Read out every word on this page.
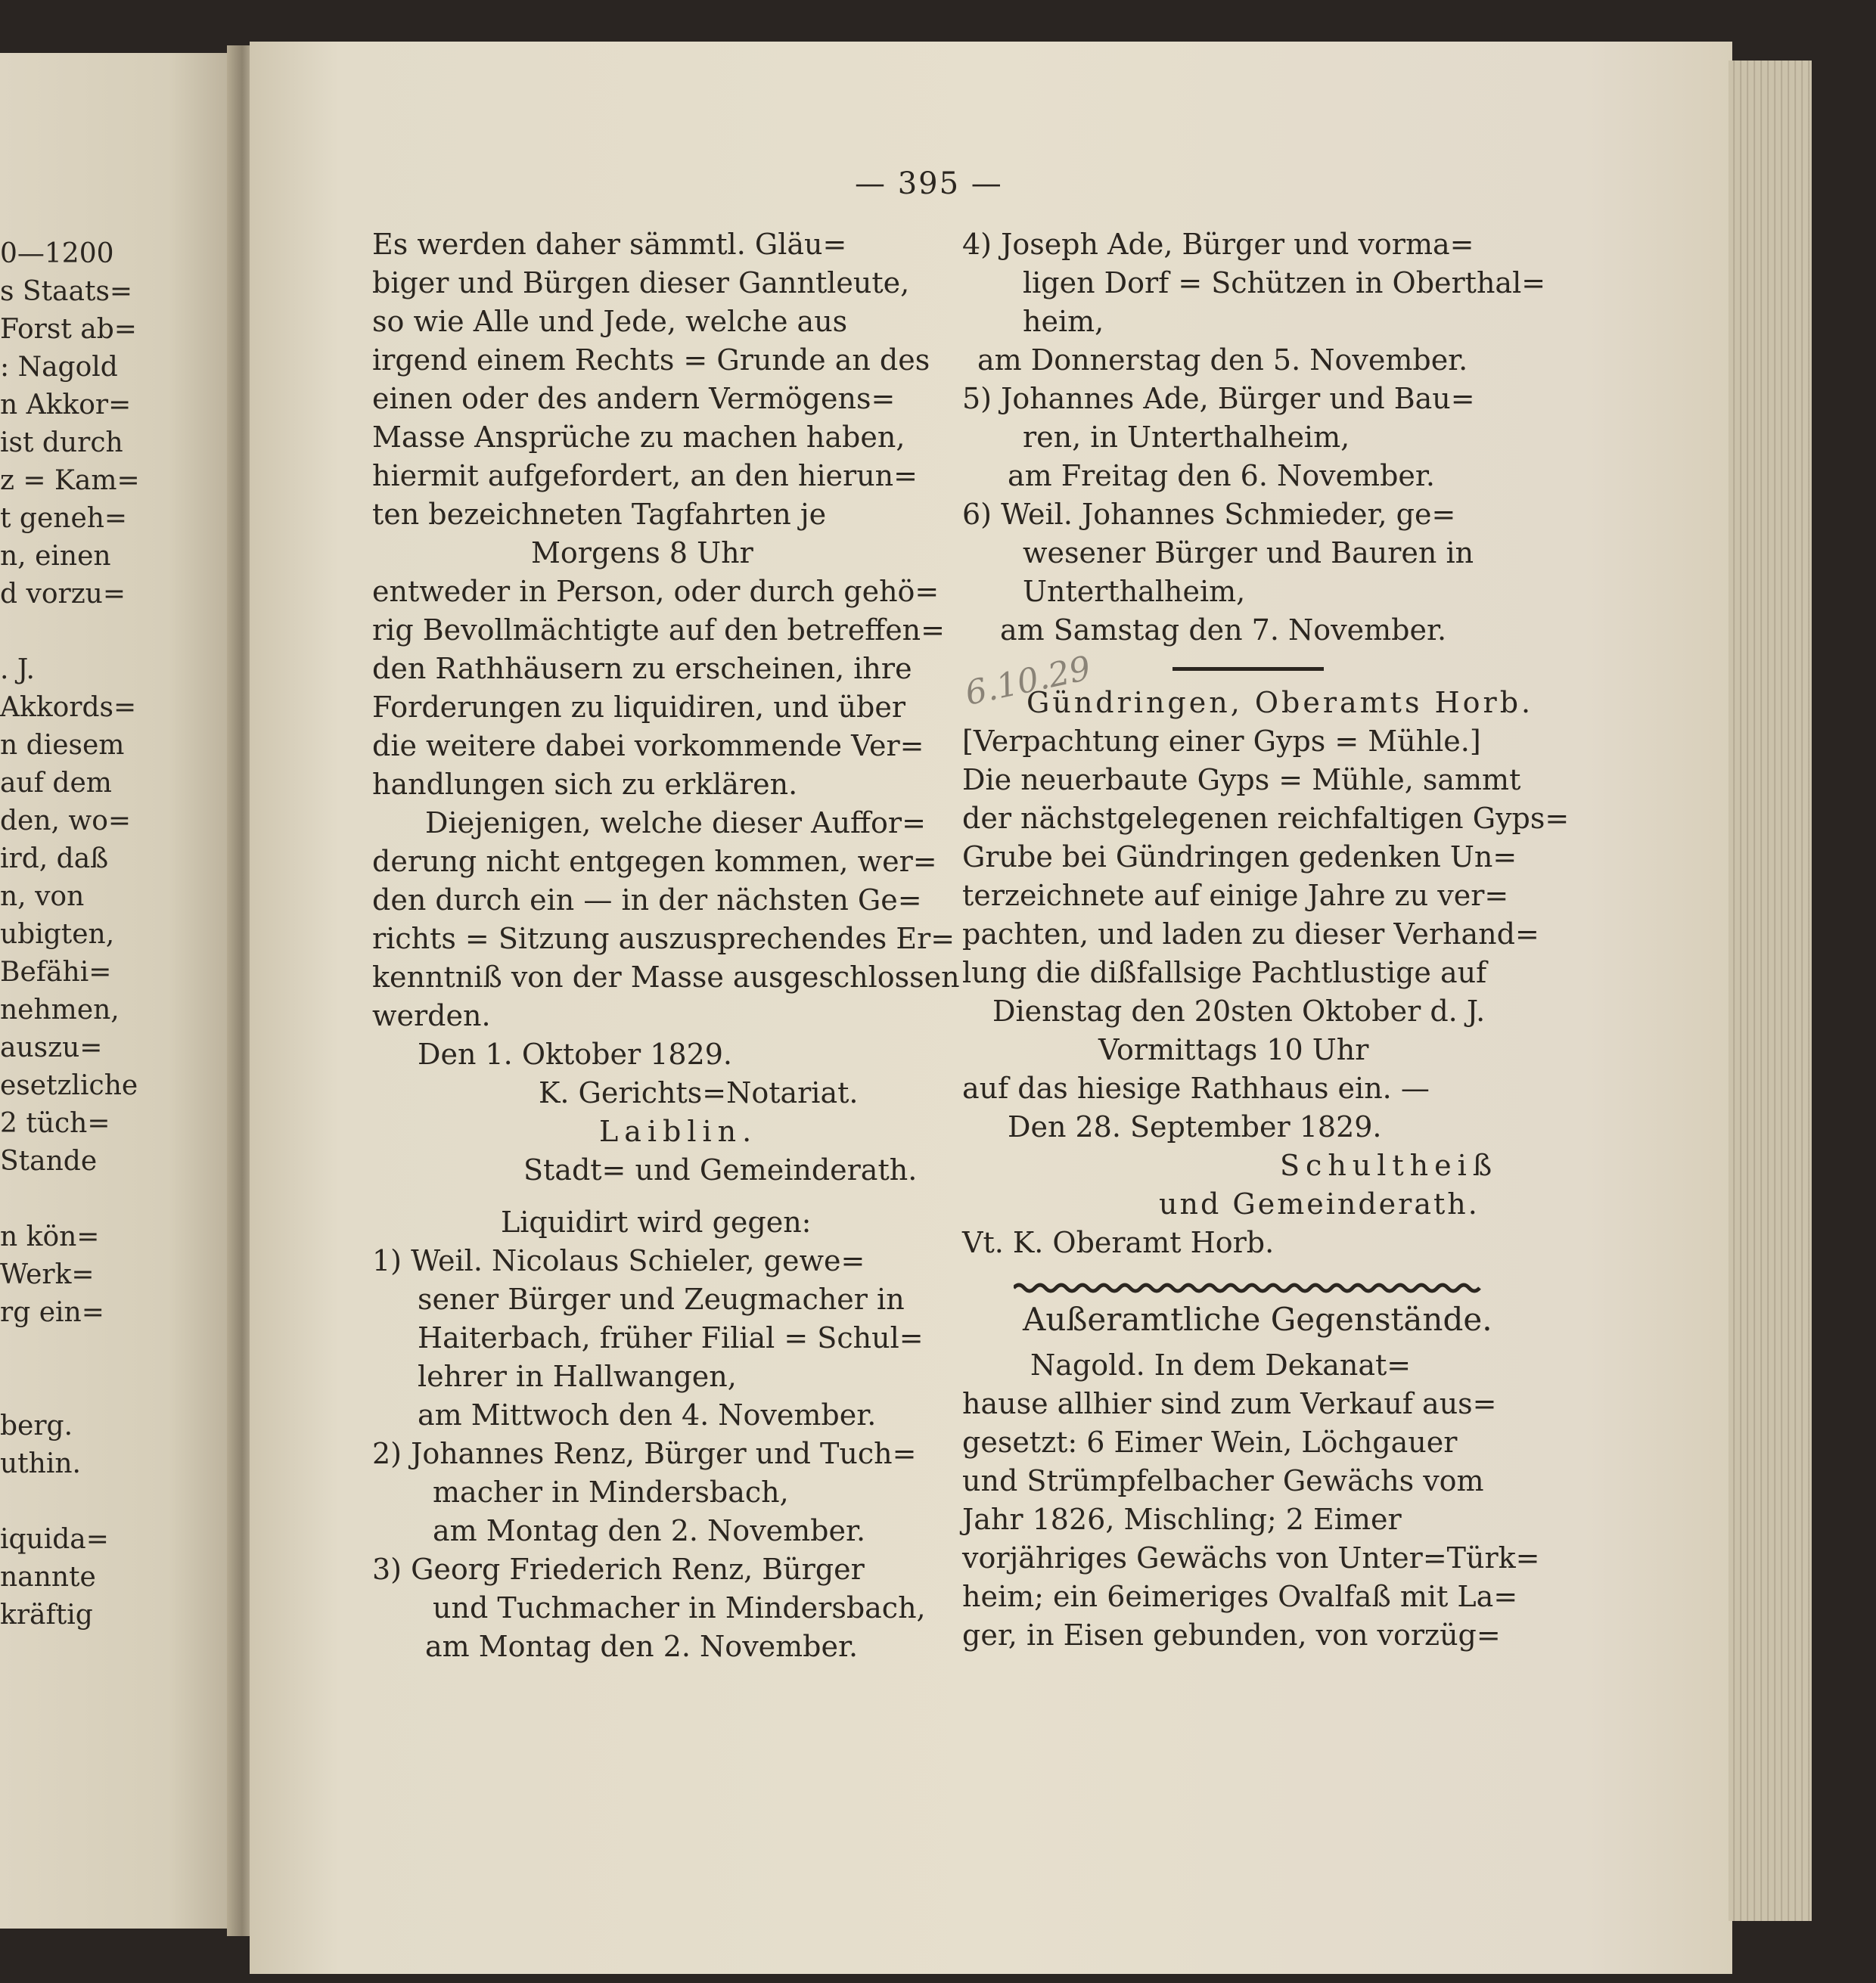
0—1200
s Staats=
Forst ab=
: Nagold
n Akkor=
ist durch
z = Kam=
t geneh=
n, einen
d vorzu=
. J.
Akkords=
n diesem
auf dem
den, wo=
ird, daß
n, von
ubigten,
Befähi=
nehmen,
auszu=
esetzliche
2 tüch=
Stande
n kön=
Werk=
rg ein=
berg.
uthin.
iquida=
nannte
kräftig
— 395 —
6.10.29
Es werden daher sämmtl. Gläu=
biger und Bürgen dieser Ganntleute,
so wie Alle und Jede, welche aus
irgend einem Rechts = Grunde an des
einen oder des andern Vermögens=
Masse Ansprüche zu machen haben,
hiermit aufgefordert, an den hierun=
ten bezeichneten Tagfahrten je
Morgens 8 Uhr
entweder in Person, oder durch gehö=
rig Bevollmächtigte auf den betreffen=
den Rathhäusern zu erscheinen, ihre
Forderungen zu liquidiren, und über
die weitere dabei vorkommende Ver=
handlungen sich zu erklären.
Diejenigen, welche dieser Auffor=
derung nicht entgegen kommen, wer=
den durch ein — in der nächsten Ge=
richts = Sitzung auszusprechendes Er=
kenntniß von der Masse ausgeschlossen
werden.
Den 1. Oktober 1829.
K. Gerichts=Notariat.
Laiblin.
Stadt= und Gemeinderath.
Liquidirt wird gegen:
1) Weil. Nicolaus Schieler, gewe=
sener Bürger und Zeugmacher in
Haiterbach, früher Filial = Schul=
lehrer in Hallwangen,
am Mittwoch den 4. November.
2) Johannes Renz, Bürger und Tuch=
macher in Mindersbach,
am Montag den 2. November.
3) Georg Friederich Renz, Bürger
und Tuchmacher in Mindersbach,
am Montag den 2. November.
4) Joseph Ade, Bürger und vorma=
ligen Dorf = Schützen in Oberthal=
heim,
am Donnerstag den 5. November.
5) Johannes Ade, Bürger und Bau=
ren, in Unterthalheim,
am Freitag den 6. November.
6) Weil. Johannes Schmieder, ge=
wesener Bürger und Bauren in
Unterthalheim,
am Samstag den 7. November.
Gündringen, Oberamts Horb.
[Verpachtung einer Gyps = Mühle.]
Die neuerbaute Gyps = Mühle, sammt
der nächstgelegenen reichfaltigen Gyps=
Grube bei Gündringen gedenken Un=
terzeichnete auf einige Jahre zu ver=
pachten, und laden zu dieser Verhand=
lung die dißfallsige Pachtlustige auf
Dienstag den 20sten Oktober d. J.
Vormittags 10 Uhr
auf das hiesige Rathhaus ein. —
Den 28. September 1829.
Schultheiß
und Gemeinderath.
Vt. K. Oberamt Horb.
Außeramtliche Gegenstände.
Nagold. In dem Dekanat=
hause allhier sind zum Verkauf aus=
gesetzt: 6 Eimer Wein, Löchgauer
und Strümpfelbacher Gewächs vom
Jahr 1826, Mischling; 2 Eimer
vorjähriges Gewächs von Unter=Türk=
heim; ein 6eimeriges Ovalfaß mit La=
ger, in Eisen gebunden, von vorzüg=
